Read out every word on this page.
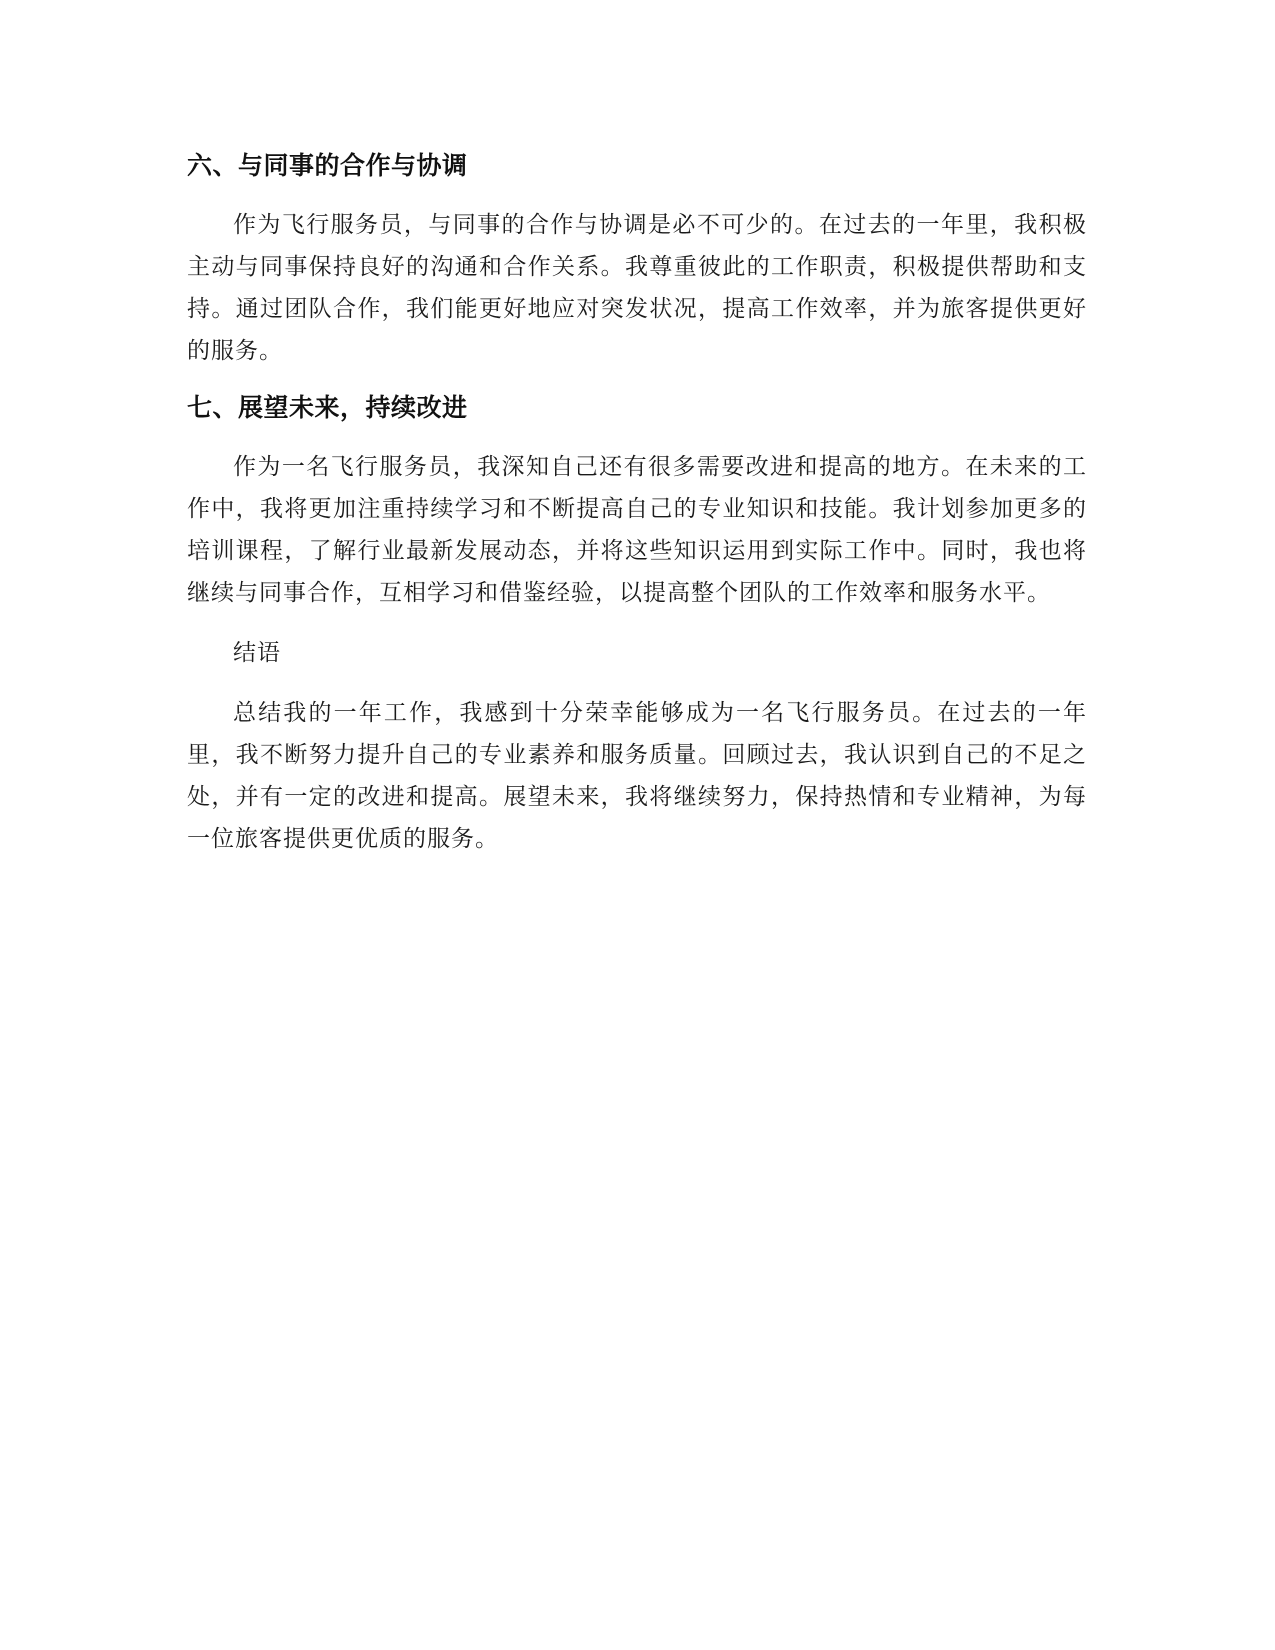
六、与同事的合作与协调

作为飞行服务员，与同事的合作与协调是必不可少的。在过去的一年里，我积极主动与同事保持良好的沟通和合作关系。我尊重彼此的工作职责，积极提供帮助和支持。通过团队合作，我们能更好地应对突发状况，提高工作效率，并为旅客提供更好的服务。

七、展望未来，持续改进

作为一名飞行服务员，我深知自己还有很多需要改进和提高的地方。在未来的工作中，我将更加注重持续学习和不断提高自己的专业知识和技能。我计划参加更多的培训课程，了解行业最新发展动态，并将这些知识运用到实际工作中。同时，我也将继续与同事合作，互相学习和借鉴经验，以提高整个团队的工作效率和服务水平。

结语

总结我的一年工作，我感到十分荣幸能够成为一名飞行服务员。在过去的一年里，我不断努力提升自己的专业素养和服务质量。回顾过去，我认识到自己的不足之处，并有一定的改进和提高。展望未来，我将继续努力，保持热情和专业精神，为每一位旅客提供更优质的服务。
